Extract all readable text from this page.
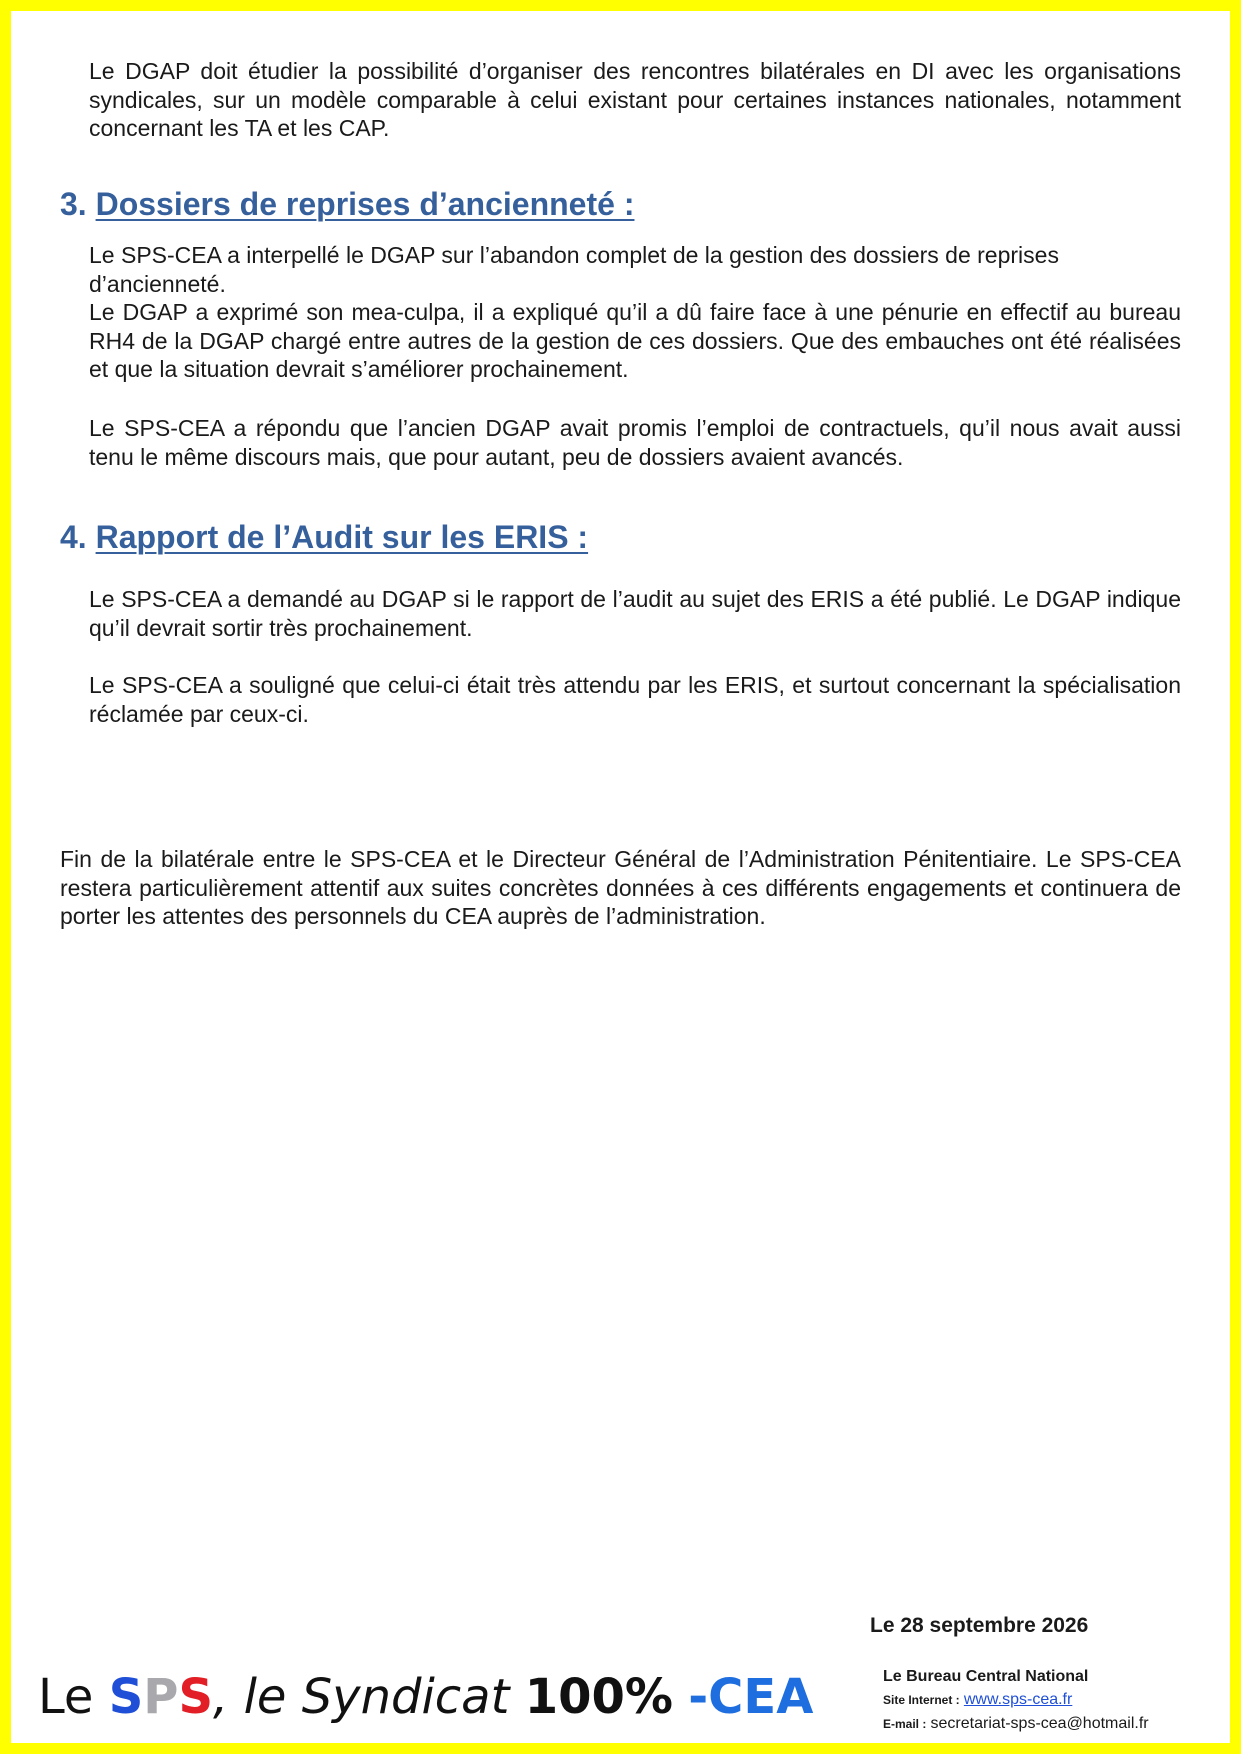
Le DGAP doit étudier la possibilité d’organiser des rencontres bilatérales en DI avec les organisations syndicales, sur un modèle comparable à celui existant pour certaines instances nationales, notamment concernant les TA et les CAP.

3. Dossiers de reprises d’ancienneté :

Le SPS-CEA a interpellé le DGAP sur l’abandon complet de la gestion des dossiers de reprises d’ancienneté.

Le DGAP a exprimé son mea-culpa, il a expliqué qu’il a dû faire face à une pénurie en effectif au bureau RH4 de la DGAP chargé entre autres de la gestion de ces dossiers. Que des embauches ont été réalisées et que la situation devrait s’améliorer prochainement.

Le SPS-CEA a répondu que l’ancien DGAP avait promis l’emploi de contractuels, qu’il nous avait aussi tenu le même discours mais, que pour autant, peu de dossiers avaient avancés.

4. Rapport de l’Audit sur les ERIS :

Le SPS-CEA a demandé au DGAP si le rapport de l’audit au sujet des ERIS a été publié. Le DGAP indique qu’il devrait sortir très prochainement.

Le SPS-CEA a souligné que celui-ci était très attendu par les ERIS, et surtout concernant la spécialisation réclamée par ceux-ci.

Fin de la bilatérale entre le SPS-CEA et le Directeur Général de l’Administration Pénitentiaire. Le SPS-CEA restera particulièrement attentif aux suites concrètes données à ces différents engagements et continuera de porter les attentes des personnels du CEA auprès de l’administration.

Le 28 septembre 2026
Le SPS, le Syndicat 100% -CEA	Le Bureau Central National
Site Internet : www.sps-cea.fr
E-mail : secretariat-sps-cea@hotmail.fr
